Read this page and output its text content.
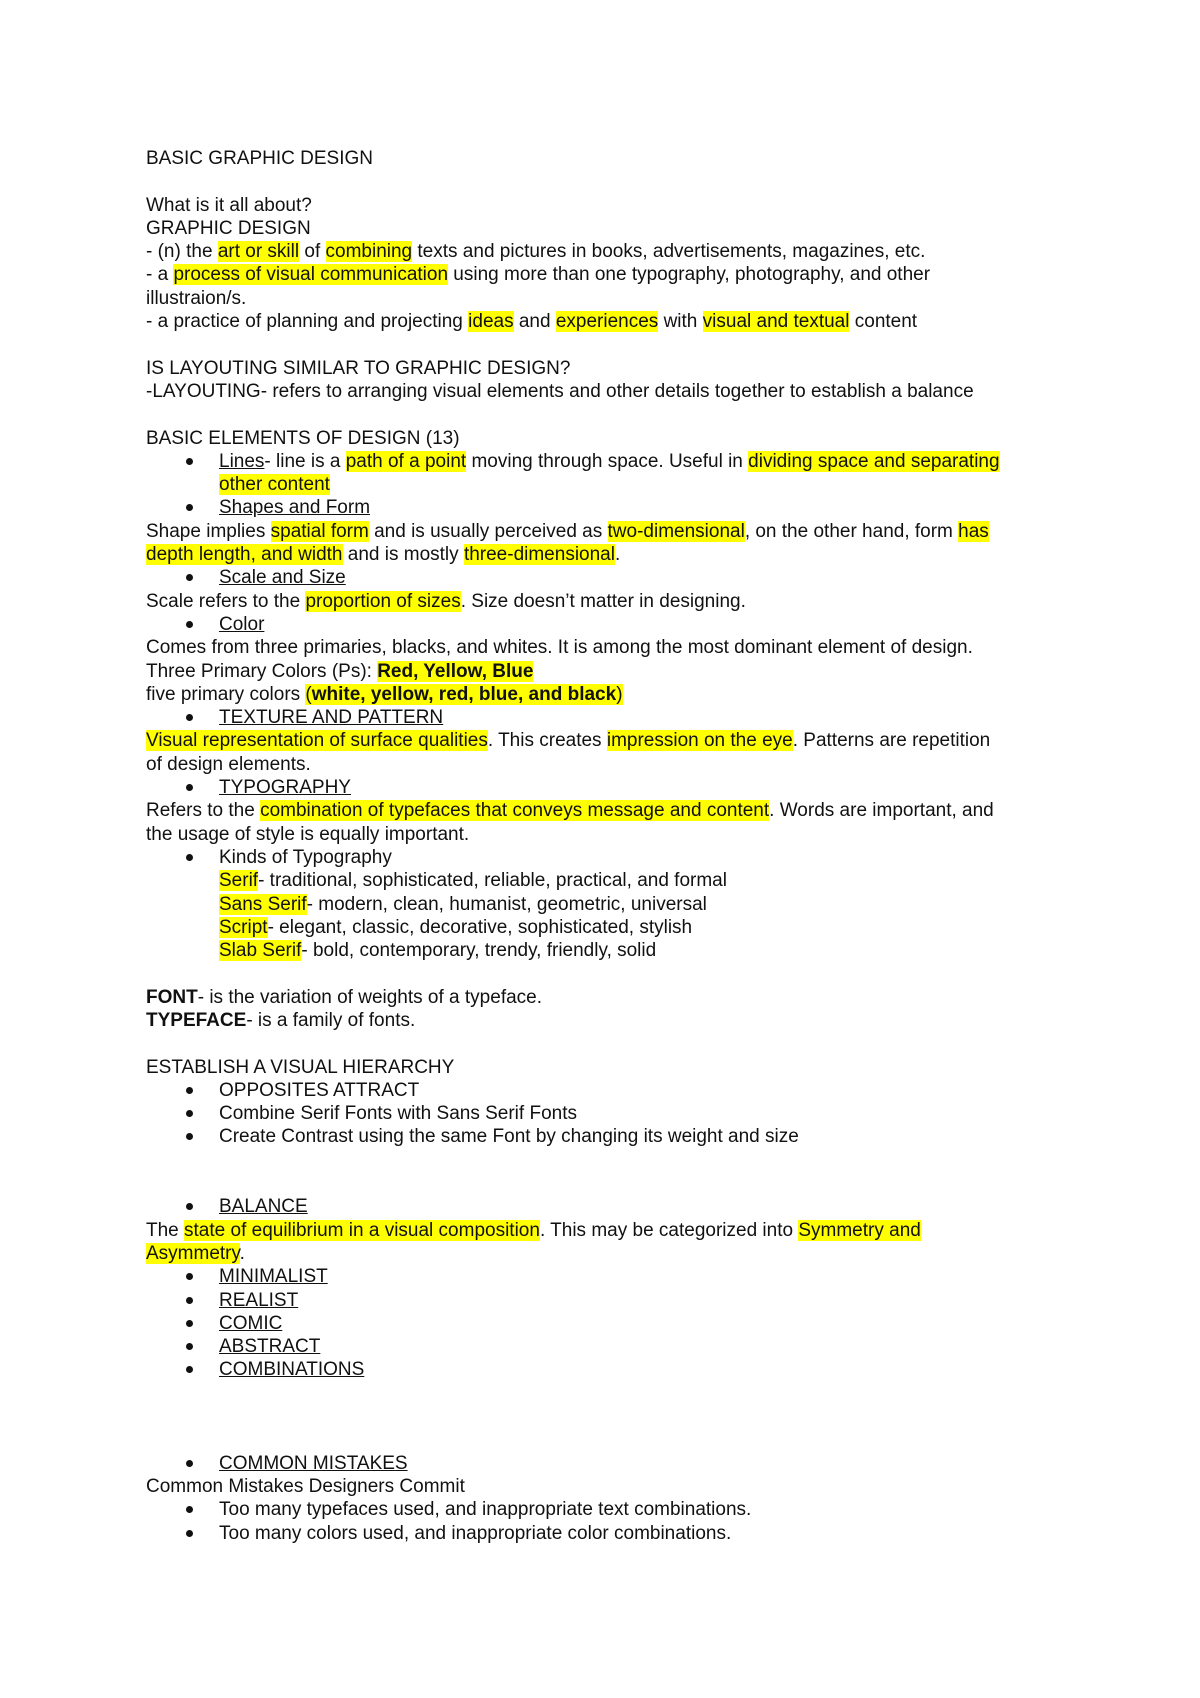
BASIC GRAPHIC DESIGN
What is it all about?
GRAPHIC DESIGN
- (n) the art or skill of combining texts and pictures in books, advertisements, magazines, etc.
- a process of visual communication using more than one typography, photography, and other
illustraion/s.
- a practice of planning and projecting ideas and experiences with visual and textual content
IS LAYOUTING SIMILAR TO GRAPHIC DESIGN?
-LAYOUTING- refers to arranging visual elements and other details together to establish a balance
BASIC ELEMENTS OF DESIGN (13)
Lines- line is a path of a point moving through space. Useful in dividing space and separating
other content
Shapes and Form
Shape implies spatial form and is usually perceived as two-dimensional, on the other hand, form has
depth length, and width and is mostly three-dimensional.
Scale and Size
Scale refers to the proportion of sizes. Size doesn’t matter in designing.
Color
Comes from three primaries, blacks, and whites. It is among the most dominant element of design.
Three Primary Colors (Ps): Red, Yellow, Blue
five primary colors (white, yellow, red, blue, and black)
TEXTURE AND PATTERN
Visual representation of surface qualities. This creates impression on the eye. Patterns are repetition
of design elements.
TYPOGRAPHY
Refers to the combination of typefaces that conveys message and content. Words are important, and
the usage of style is equally important.
Kinds of Typography
Serif- traditional, sophisticated, reliable, practical, and formal
Sans Serif- modern, clean, humanist, geometric, universal
Script- elegant, classic, decorative, sophisticated, stylish
Slab Serif- bold, contemporary, trendy, friendly, solid
FONT- is the variation of weights of a typeface.
TYPEFACE- is a family of fonts.
ESTABLISH A VISUAL HIERARCHY
OPPOSITES ATTRACT
Combine Serif Fonts with Sans Serif Fonts
Create Contrast using the same Font by changing its weight and size
BALANCE
The state of equilibrium in a visual composition. This may be categorized into Symmetry and
Asymmetry.
MINIMALIST
REALIST
COMIC
ABSTRACT
COMBINATIONS
COMMON MISTAKES
Common Mistakes Designers Commit
Too many typefaces used, and inappropriate text combinations.
Too many colors used, and inappropriate color combinations.
